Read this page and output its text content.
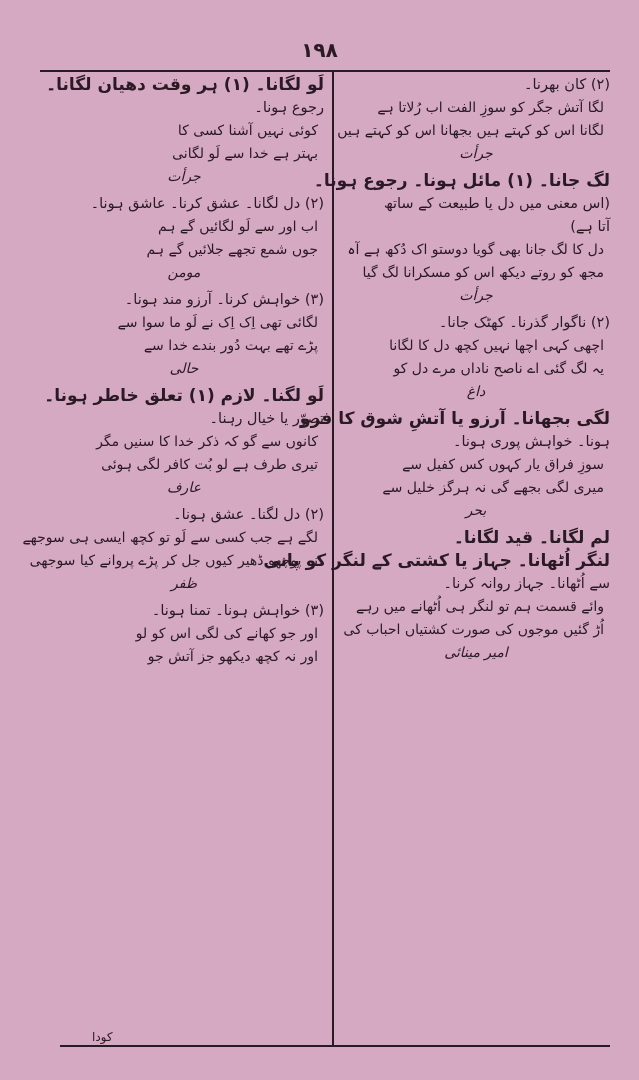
۱۹۸
(۲) کان بھرنا۔
لگا آتش جگر کو سوزِ الفت اب رُلاتا ہے
لگانا اس کو کہتے ہیں بجھانا اس کو کہتے ہیں
جرأت
لگ جانا۔ (۱) مائل ہونا۔ رجوع ہونا۔
(اس معنی میں دل یا طبیعت کے ساتھ
آتا ہے)
دل کا لگ جانا بھی گویا دوستو اک دُکھ ہے آہ
مجھ کو روتے دیکھ اس کو مسکرانا لگ گیا
جرأت
(۲) ناگوار گذرنا۔ کھٹک جانا۔
اچھی کہی اچھا نہیں کچھ دل کا لگانا
یہ لگ گئی اے ناصح ناداں مرے دل کو
داغ
لگی بجھانا۔ آرزو یا آتشِ شوق کا فرو
ہونا۔ خواہش پوری ہونا۔
سوزِ فراق یار کہوں کس کفیل سے
میری لگی بجھے گی نہ ہرگز خلیل سے
بحر
لم لگانا۔ قید لگانا۔
لنگر اُٹھانا۔ جہاز یا کشتی کے لنگر کو پانی
سے اُٹھانا۔ جہاز روانہ کرنا۔
وائے قسمت ہم تو لنگر ہی اُٹھانے میں رہے
اُڑ گئیں موجوں کی صورت کشتیاں احباب کی
امیر مینائی
لَو لگانا۔ (۱) ہر وقت دھیان لگانا۔
رجوع ہونا۔
کوئی نہیں آشنا کسی کا
بہتر ہے خدا سے لَو لگانی
جرأت
(۲) دل لگانا۔ عشق کرنا۔ عاشق ہونا۔
اب اور سے لَو لگائیں گے ہم
جوں شمع تجھے جلائیں گے ہم
مومن
(۳) خواہش کرنا۔ آرزو مند ہونا۔
لگائی تھی اِک اِک نے لَو ما سوا سے
پڑے تھے بہت دُور بندے خدا سے
حالی
لَو لگنا۔ لازم (۱) تعلق خاطر ہونا۔
تصوّر یا خیال رہنا۔
کانوں سے گو کہ ذکر خدا کا سنیں مگر
تیری طرف ہے لو بُت کافر لگی ہوئی
عارف
(۲) دل لگنا۔ عشق ہونا۔
لگے ہے جب کسی سے لَو تو کچھ ایسی ہی سوجھے
نہ پوچھو ڈھیر کیوں جل کر پڑے پروانے کیا سوجھی
ظفر
(۳) خواہش ہونا۔ تمنا ہونا۔
اور جو کھانے کی لگی اس کو لو
اور نہ کچھ دیکھو جز آتش جو
کودا
